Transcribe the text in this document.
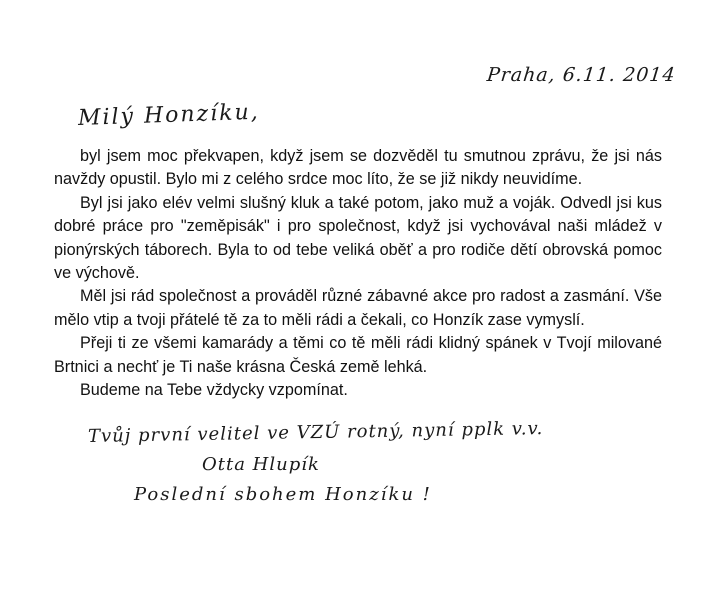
Praha, 6.11. 2014
Milý Honzíku,

byl jsem moc překvapen, když jsem se dozvěděl tu smutnou zprávu, že jsi nás navždy opustil. Bylo mi z celého srdce moc líto, že se již nikdy neuvidíme.

Byl jsi jako elév velmi slušný kluk a také potom, jako muž a voják. Odvedl jsi kus dobré práce pro "zeměpisák" i pro společnost, když jsi vychovával naši mládež v pionýrských táborech. Byla to od tebe veliká oběť a pro rodiče dětí obrovská pomoc ve výchově.

Měl jsi rád společnost a prováděl různé zábavné akce pro radost a zasmání. Vše mělo vtip a tvoji přátelé tě za to měli rádi a čekali, co Honzík zase vymyslí.

Přeji ti ze všemi kamarády a těmi co tě měli rádi klidný spánek v Tvojí milované Brtnici a nechť je Ti naše krásna Česká země lehká.

Budeme na Tebe vždycky vzpomínat.

Tvůj první velitel ve VZÚ rotný, nyní pplk v.v.
Otta Hlupík
Poslední sbohem Honzíku !
